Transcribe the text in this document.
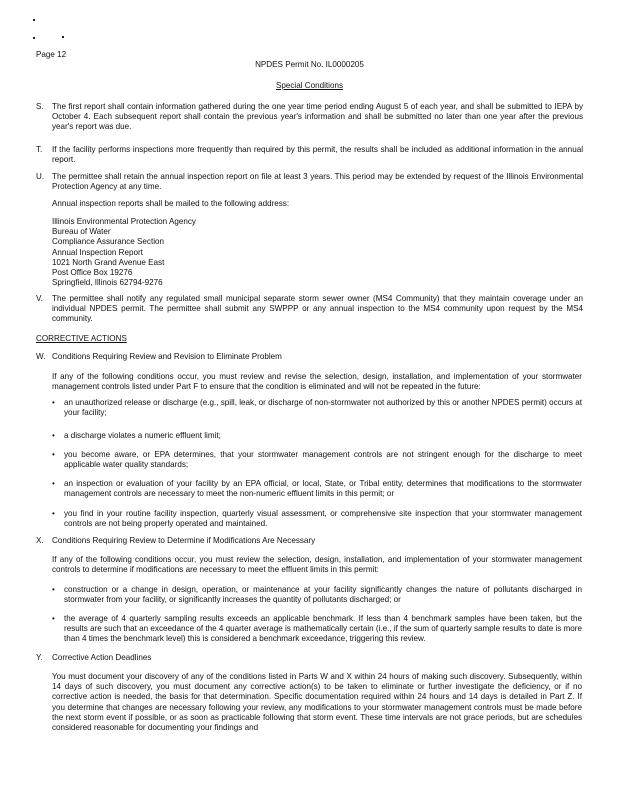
Page 12
NPDES Permit No. IL0000205
Special Conditions
S. The first report shall contain information gathered during the one year time period ending August 5 of each year, and shall be submitted to IEPA by October 4. Each subsequent report shall contain the previous year's information and shall be submitted no later than one year after the previous year's report was due.
T. If the facility performs inspections more frequently than required by this permit, the results shall be included as additional information in the annual report.
U. The permittee shall retain the annual inspection report on file at least 3 years. This period may be extended by request of the Illinois Environmental Protection Agency at any time.
Annual inspection reports shall be mailed to the following address:
Illinois Environmental Protection Agency
Bureau of Water
Compliance Assurance Section
Annual Inspection Report
1021 North Grand Avenue East
Post Office Box 19276
Springfield, Illinois 62794-9276
V. The permittee shall notify any regulated small municipal separate storm sewer owner (MS4 Community) that they maintain coverage under an individual NPDES permit. The permittee shall submit any SWPPP or any annual inspection to the MS4 community upon request by the MS4 community.
CORRECTIVE ACTIONS
W. Conditions Requiring Review and Revision to Eliminate Problem
If any of the following conditions occur, you must review and revise the selection, design, installation, and implementation of your stormwater management controls listed under Part F to ensure that the condition is eliminated and will not be repeated in the future:
• an unauthorized release or discharge (e.g., spill, leak, or discharge of non-stormwater not authorized by this or another NPDES permit) occurs at your facility;
• a discharge violates a numeric effluent limit;
• you become aware, or EPA determines, that your stormwater management controls are not stringent enough for the discharge to meet applicable water quality standards;
• an inspection or evaluation of your facility by an EPA official, or local, State, or Tribal entity, determines that modifications to the stormwater management controls are necessary to meet the non-numeric effluent limits in this permit; or
• you find in your routine facility inspection, quarterly visual assessment, or comprehensive site inspection that your stormwater management controls are not being properly operated and maintained.
X. Conditions Requiring Review to Determine if Modifications Are Necessary
If any of the following conditions occur, you must review the selection, design, installation, and implementation of your stormwater management controls to determine if modifications are necessary to meet the effluent limits in this permit:
• construction or a change in design, operation, or maintenance at your facility significantly changes the nature of pollutants discharged in stormwater from your facility, or significantly increases the quantity of pollutants discharged; or
• the average of 4 quarterly sampling results exceeds an applicable benchmark. If less than 4 benchmark samples have been taken, but the results are such that an exceedance of the 4 quarter average is mathematically certain (i.e., if the sum of quarterly sample results to date is more than 4 times the benchmark level) this is considered a benchmark exceedance, triggering this review.
Y. Corrective Action Deadlines
You must document your discovery of any of the conditions listed in Parts W and X within 24 hours of making such discovery. Subsequently, within 14 days of such discovery, you must document any corrective action(s) to be taken to eliminate or further investigate the deficiency, or if no corrective action is needed, the basis for that determination. Specific documentation required within 24 hours and 14 days is detailed in Part Z. If you determine that changes are necessary following your review, any modifications to your stormwater management controls must be made before the next storm event if possible, or as soon as practicable following that storm event. These time intervals are not grace periods, but are schedules considered reasonable for documenting your findings and
